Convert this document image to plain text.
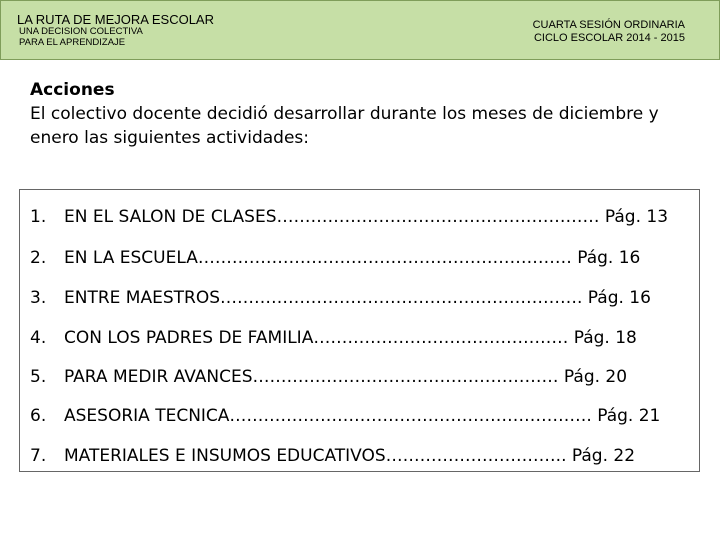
LA RUTA DE MEJORA ESCOLAR
UNA DECISION COLECTIVA
PARA EL APRENDIZAJE
CUARTA SESIÓN ORDINARIA
CICLO ESCOLAR 2014 - 2015
Acciones
El colectivo docente decidió desarrollar durante los meses de diciembre y
enero las siguientes actividades:
1. EN EL SALON DE CLASES………………………………………………… Pág. 13
2. EN LA ESCUELA………………………………………………………… Pág. 16
3. ENTRE MAESTROS………………………………………………………. Pág. 16
4. CON LOS PADRES DE FAMILIA……………………………………… Pág. 18
5. PARA MEDIR AVANCES……………………………………………… Pág. 20
6. ASESORIA TECNICA………………………………………………………. Pág. 21
7. MATERIALES E INSUMOS EDUCATIVOS………………………….. Pág. 22
